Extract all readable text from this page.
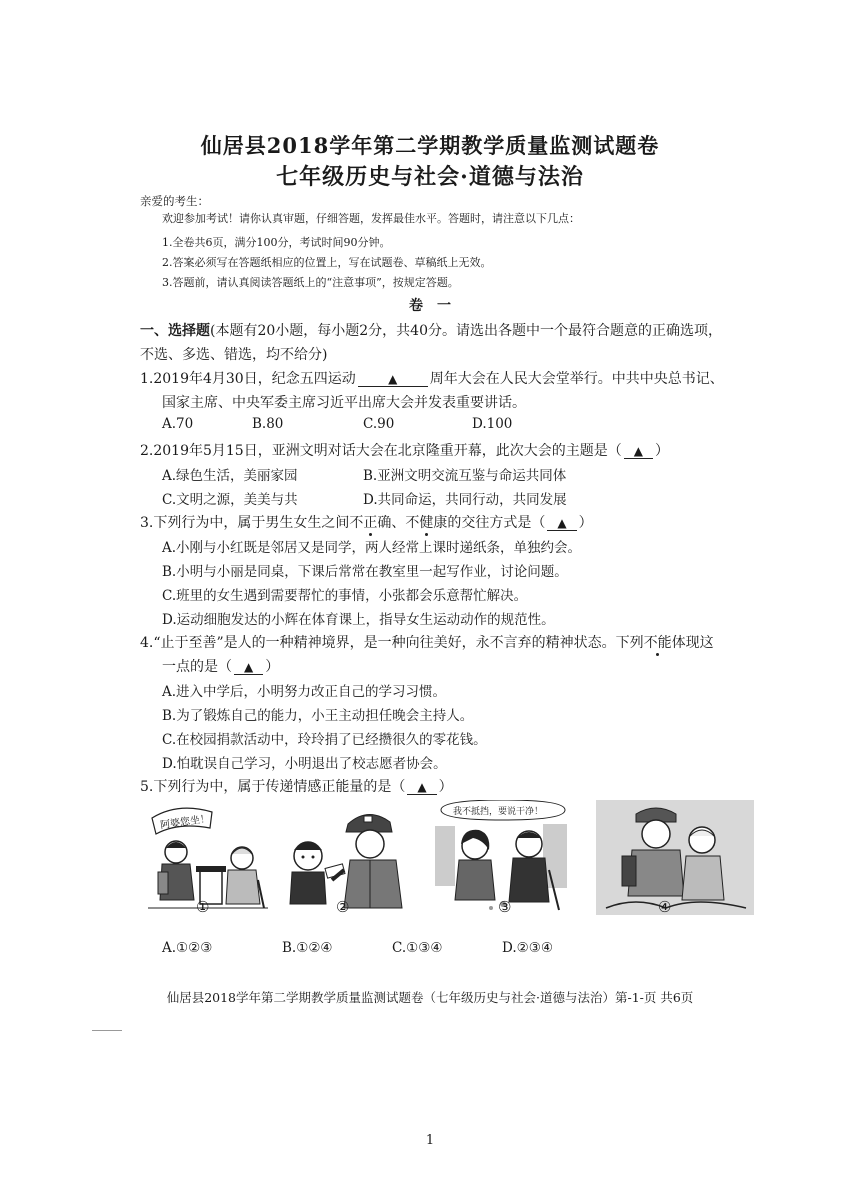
仙居县2018学年第二学期教学质量监测试题卷
七年级历史与社会·道德与法治
亲爱的考生：
欢迎参加考试！请你认真审题，仔细答题，发挥最佳水平。答题时，请注意以下几点：
1.全卷共6页，满分100分，考试时间90分钟。
2.答案必须写在答题纸相应的位置上，写在试题卷、草稿纸上无效。
3.答题前，请认真阅读答题纸上的“注意事项”，按规定答题。
卷　一
一、选择题(本题有20小题，每小题2分，共40分。请选出各题中一个最符合题意的正确选项，
不选、多选、错选，均不给分)
1.2019年4月30日，纪念五四运动	▲ 周年大会在人民大会堂举行。中共中央总书记、
国家主席、中央军委主席习近平出席大会并发表重要讲话。
A.70	B.80	C.90	D.100
2.2019年5月15日，亚洲文明对话大会在北京隆重开幕，此次大会的主题是（ ▲ ）
A.绿色生活，美丽家园	B.亚洲文明交流互鉴与命运共同体
C.文明之源，美美与共	D.共同命运，共同行动，共同发展
3.下列行为中，属于男生女生之间不正确、不健康的交往方式是（ ▲ ）
A.小刚与小红既是邻居又是同学，两人经常上课时递纸条，单独约会。
B.小明与小丽是同桌，下课后常常在教室里一起写作业，讨论问题。
C.班里的女生遇到需要帮忙的事情，小张都会乐意帮忙解决。
D.运动细胞发达的小辉在体育课上，指导女生运动动作的规范性。
4.“止于至善”是人的一种精神境界，是一种向往美好，永不言弃的精神状态。下列不能体现这
一点的是（ ▲ ）
A.进入中学后，小明努力改正自己的学习习惯。
B.为了锻炼自己的能力，小王主动担任晚会主持人。
C.在校园捐款活动中，玲玲捐了已经攒很久的零花钱。
D.怕耽误自己学习，小明退出了校志愿者协会。
5.下列行为中，属于传递情感正能量的是（ ▲ ）
阿婆您坐！
我不抵挡，要说干净！
①	②	③	④
A.①②③	B.①②④	C.①③④	D.②③④
仙居县2018学年第二学期教学质量监测试题卷（七年级历史与社会·道德与法治）第-1-页 共6页
1
